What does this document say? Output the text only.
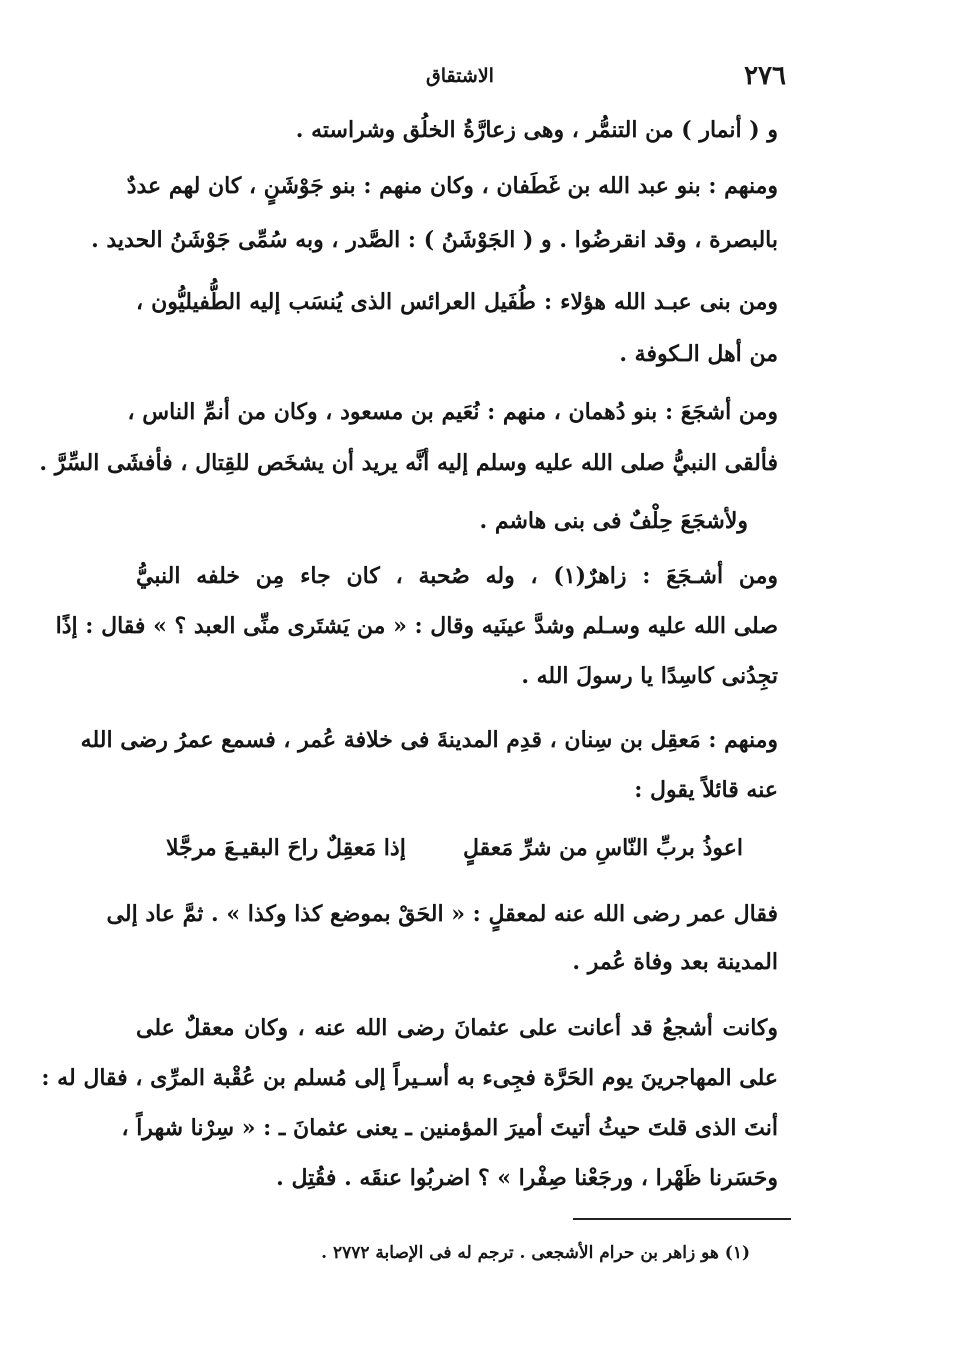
٢٧٦
الاشتقاق
و ( أنمار ) من التنمُّر ، وهى زعارَّةُ الخلُق وشراسته .
ومنهم : بنو عبد الله بن غَطَفان ، وكان منهم : بنو جَوْشَنٍ ، كان لهم عددٌ
بالبصرة ، وقد انقرضُوا . و ( الجَوْشَنُ ) : الصَّدر ، وبه سُمِّى جَوْشَنُ الحديد .
ومن بنى عبـد الله هؤلاء : طُفَيل العرائس الذى يُنسَب إليه الطُّفيليُّون ،
من أهل الـكوفة .
ومن أشجَعَ : بنو دُهمان ، منهم : نُعَيم بن مسعود ، وكان من أنمِّ الناس ،
فألقى النبيُّ صلى الله عليه وسلم إليه أنَّه يريد أن يشخَص للقِتال ، فأفشَى السِّرَّ .
ولأشجَعَ حِلْفٌ فى بنى هاشم .
ومن أشـجَعَ : زاهرٌ(١) ، وله صُحبة ، كان جاء مِن خلفه النبيُّ
صلى الله عليه وسـلم وشدَّ عينَيه وقال : « من يَشتَرى منِّى العبد ؟ » فقال : إذًا
تجِدُنى كاسِدًا يا رسولَ الله .
ومنهم : مَعقِل بن سِنان ، قدِم المدينةَ فى خلافة عُمر ، فسمع عمرُ رضى الله
عنه قائلاً يقول :
اعوذُ بربِّ النّاسِ من شرِّ مَعقلٍ
إذا مَعقِلٌ راحَ البقيـعَ مرجَّلا
فقال عمر رضى الله عنه لمعقلٍ : « الحَقْ بموضع كذا وكذا » . ثمَّ عاد إلى
المدينة بعد وفاة عُمر .
وكانت أشجعُ قد أعانت على عثمانَ رضى الله عنه ، وكان معقلٌ على
على المهاجرينَ يوم الحَرَّة فجِىء به أسـيراً إلى مُسلم بن عُقْبة المرِّى ، فقال له :
أنتَ الذى قلتَ حيثُ أتيتَ أميرَ المؤمنين ـ يعنى عثمانَ ـ : « سِرْنا شهراً ،
وحَسَرنا ظَهْرا ، ورجَعْنا صِفْرا » ؟ اضربُوا عنقَه . فقُتِل .
(١) هو زاهر بن حرام الأشجعى . ترجم له فى الإصابة ٢٧٧٢ .
